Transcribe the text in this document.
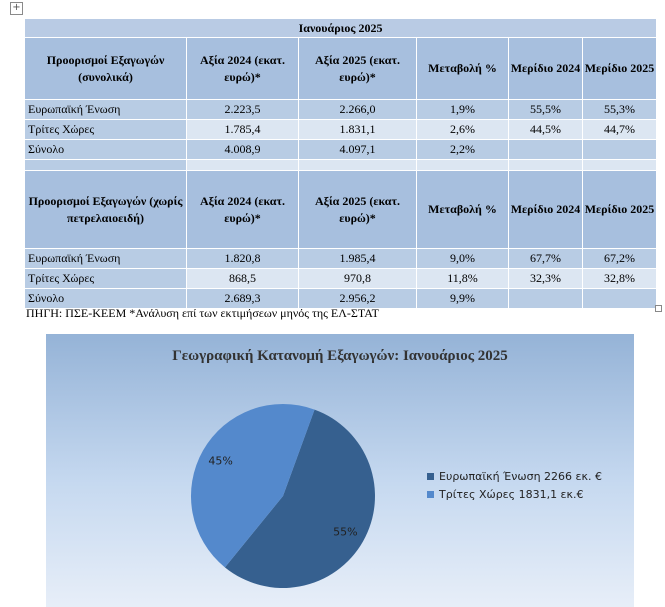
+
Ιανουάριος 2025					
Προορισμοί Εξαγωγών (συνολικά)	Αξία 2024 (εκατ. ευρώ)*	Αξία 2025 (εκατ. ευρώ)*	Μεταβολή %	Μερίδιο 2024	Μερίδιο 2025
Ευρωπαϊκή Ένωση	2.223,5	2.266,0	1,9%	55,5%	55,3%
Τρίτες Χώρες	1.785,4	1.831,1	2,6%	44,5%	44,7%
Σύνολο	4.008,9	4.097,1	2,2%		

Προορισμοί Εξαγωγών (χωρίς πετρελαιοειδή)	Αξία 2024 (εκατ. ευρώ)*	Αξία 2025 (εκατ. ευρώ)*	Μεταβολή %	Μερίδιο 2024	Μερίδιο 2025
Ευρωπαϊκή Ένωση	1.820,8	1.985,4	9,0%	67,7%	67,2%
Τρίτες Χώρες	868,5	970,8	11,8%	32,3%	32,8%
Σύνολο	2.689,3	2.956,2	9,9%		
ΠΗΓΗ: ΠΣΕ-ΚΕΕΜ *Ανάλυση επί των εκτιμήσεων μηνός της ΕΛ-ΣΤΑΤ
Γεωγραφική Κατανομή Εξαγωγών: Ιανουάριος 2025
55%
45%
Ευρωπαϊκή Ένωση 2266 εκ. €
Τρίτες Χώρες 1831,1 εκ.€
